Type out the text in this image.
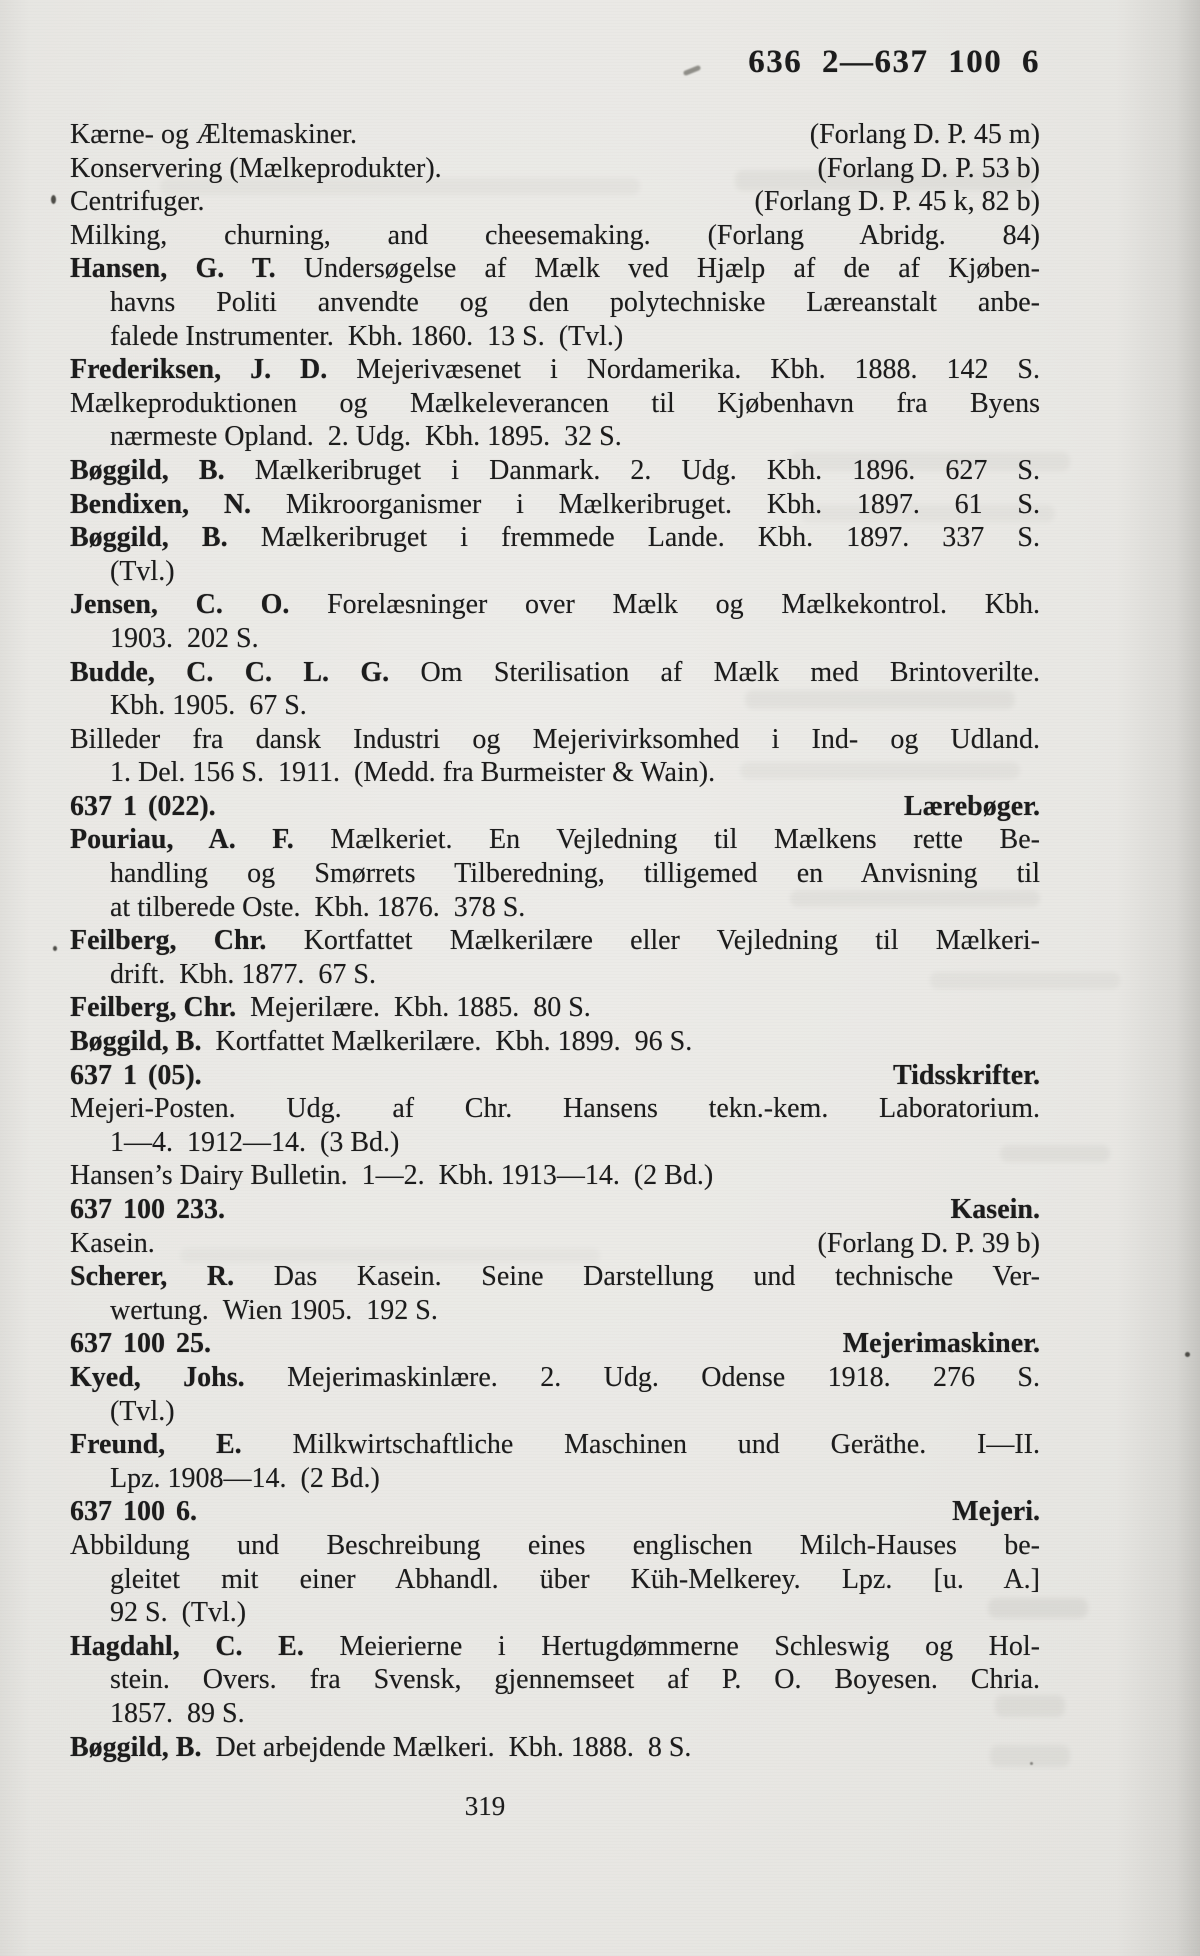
636 2—637 100 6
Kærne- og Æltemaskiner.	(Forlang D. P. 45 m)
Konservering (Mælkeprodukter).	(Forlang D. P. 53 b)
Centrifuger.	(Forlang D. P. 45 k, 82 b)
Milking, churning, and cheesemaking. (Forlang Abridg. 84)
Hansen, G. T. Undersøgelse af Mælk ved Hjælp af de af Kjøben-
havns Politi anvendte og den polytechniske Læreanstalt anbe-
falede Instrumenter. Kbh. 1860. 13 S. (Tvl.)
Frederiksen, J. D. Mejerivæsenet i Nordamerika. Kbh. 1888. 142 S.
Mælkeproduktionen og Mælkeleverancen til Kjøbenhavn fra Byens
nærmeste Opland. 2. Udg. Kbh. 1895. 32 S.
Bøggild, B. Mælkeribruget i Danmark. 2. Udg. Kbh. 1896. 627 S.
Bendixen, N. Mikroorganismer i Mælkeribruget. Kbh. 1897. 61 S.
Bøggild, B. Mælkeribruget i fremmede Lande. Kbh. 1897. 337 S.
(Tvl.)
Jensen, C. O. Forelæsninger over Mælk og Mælkekontrol. Kbh.
1903. 202 S.
Budde, C. C. L. G. Om Sterilisation af Mælk med Brintoverilte.
Kbh. 1905. 67 S.
Billeder fra dansk Industri og Mejerivirksomhed i Ind- og Udland.
1. Del. 156 S. 1911. (Medd. fra Burmeister & Wain).
637 1 (022).	Lærebøger.
Pouriau, A. F. Mælkeriet. En Vejledning til Mælkens rette Be-
handling og Smørrets Tilberedning, tilligemed en Anvisning til
at tilberede Oste. Kbh. 1876. 378 S.
Feilberg, Chr. Kortfattet Mælkerilære eller Vejledning til Mælkeri-
drift. Kbh. 1877. 67 S.
Feilberg, Chr. Mejerilære. Kbh. 1885. 80 S.
Bøggild, B. Kortfattet Mælkerilære. Kbh. 1899. 96 S.
637 1 (05).	Tidsskrifter.
Mejeri-Posten. Udg. af Chr. Hansens tekn.-kem. Laboratorium.
1—4. 1912—14. (3 Bd.)
Hansen’s Dairy Bulletin. 1—2. Kbh. 1913—14. (2 Bd.)
637 100 233.	Kasein.
Kasein.	(Forlang D. P. 39 b)
Scherer, R. Das Kasein. Seine Darstellung und technische Ver-
wertung. Wien 1905. 192 S.
637 100 25.	Mejerimaskiner.
Kyed, Johs. Mejerimaskinlære. 2. Udg. Odense 1918. 276 S.
(Tvl.)
Freund, E. Milkwirtschaftliche Maschinen und Geräthe. I—II.
Lpz. 1908—14. (2 Bd.)
637 100 6.	Mejeri.
Abbildung und Beschreibung eines englischen Milch-Hauses be-
gleitet mit einer Abhandl. über Küh-Melkerey. Lpz. [u. A.]
92 S. (Tvl.)
Hagdahl, C. E. Meierierne i Hertugdømmerne Schleswig og Hol-
stein. Overs. fra Svensk, gjennemseet af P. O. Boyesen. Chria.
1857. 89 S.
Bøggild, B. Det arbejdende Mælkeri. Kbh. 1888. 8 S.
319
